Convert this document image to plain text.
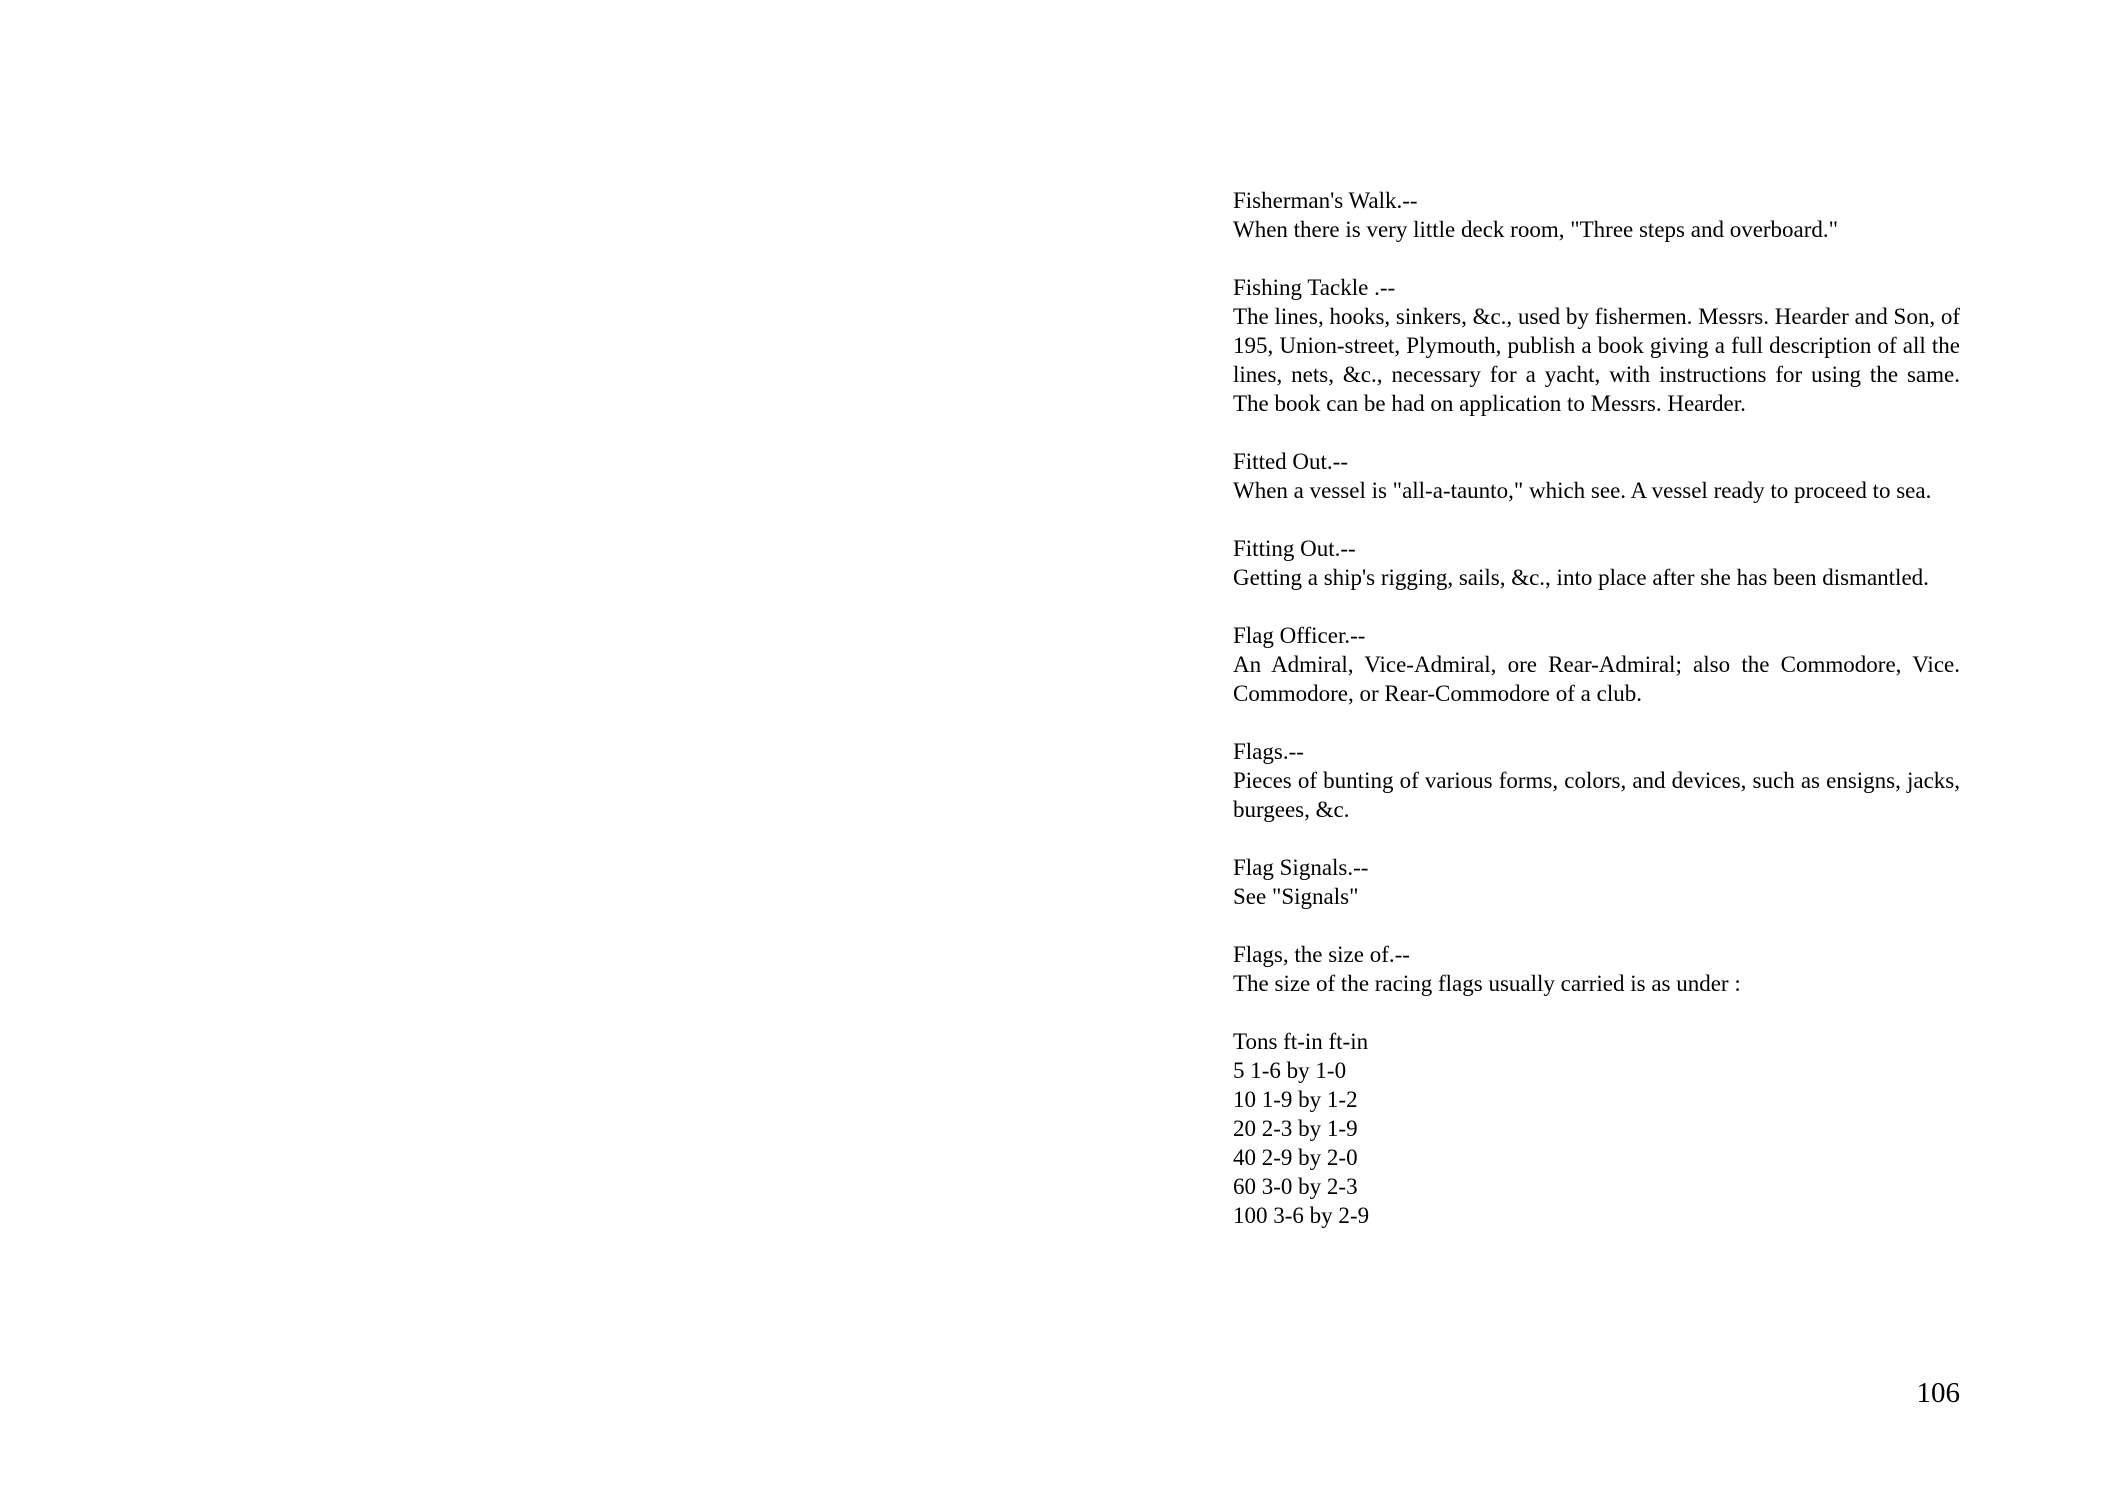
Fisherman's Walk.--
When there is very little deck room, "Three steps and overboard."
Fishing Tackle .--
The lines, hooks, sinkers, &c., used by fishermen. Messrs. Hearder and Son, of 195, Union-street, Plymouth, publish a book giving a full description of all the lines, nets, &c., necessary for a yacht, with instructions for using the same. The book can be had on application to Messrs. Hearder.
Fitted Out.--
When a vessel is "all-a-taunto," which see. A vessel ready to proceed to sea.
Fitting Out.--
Getting a ship's rigging, sails, &c., into place after she has been dismantled.
Flag Officer.--
An Admiral, Vice-Admiral, ore Rear-Admiral; also the Commodore, Vice. Commodore, or Rear-Commodore of a club.
Flags.--
Pieces of bunting of various forms, colors, and devices, such as ensigns, jacks, burgees, &c.
Flag Signals.--
See "Signals"
Flags, the size of.--
The size of the racing flags usually carried is as under :
Tons ft-in ft-in
5 1-6 by 1-0
10 1-9 by 1-2
20 2-3 by 1-9
40 2-9 by 2-0
60 3-0 by 2-3
100 3-6 by 2-9
106
